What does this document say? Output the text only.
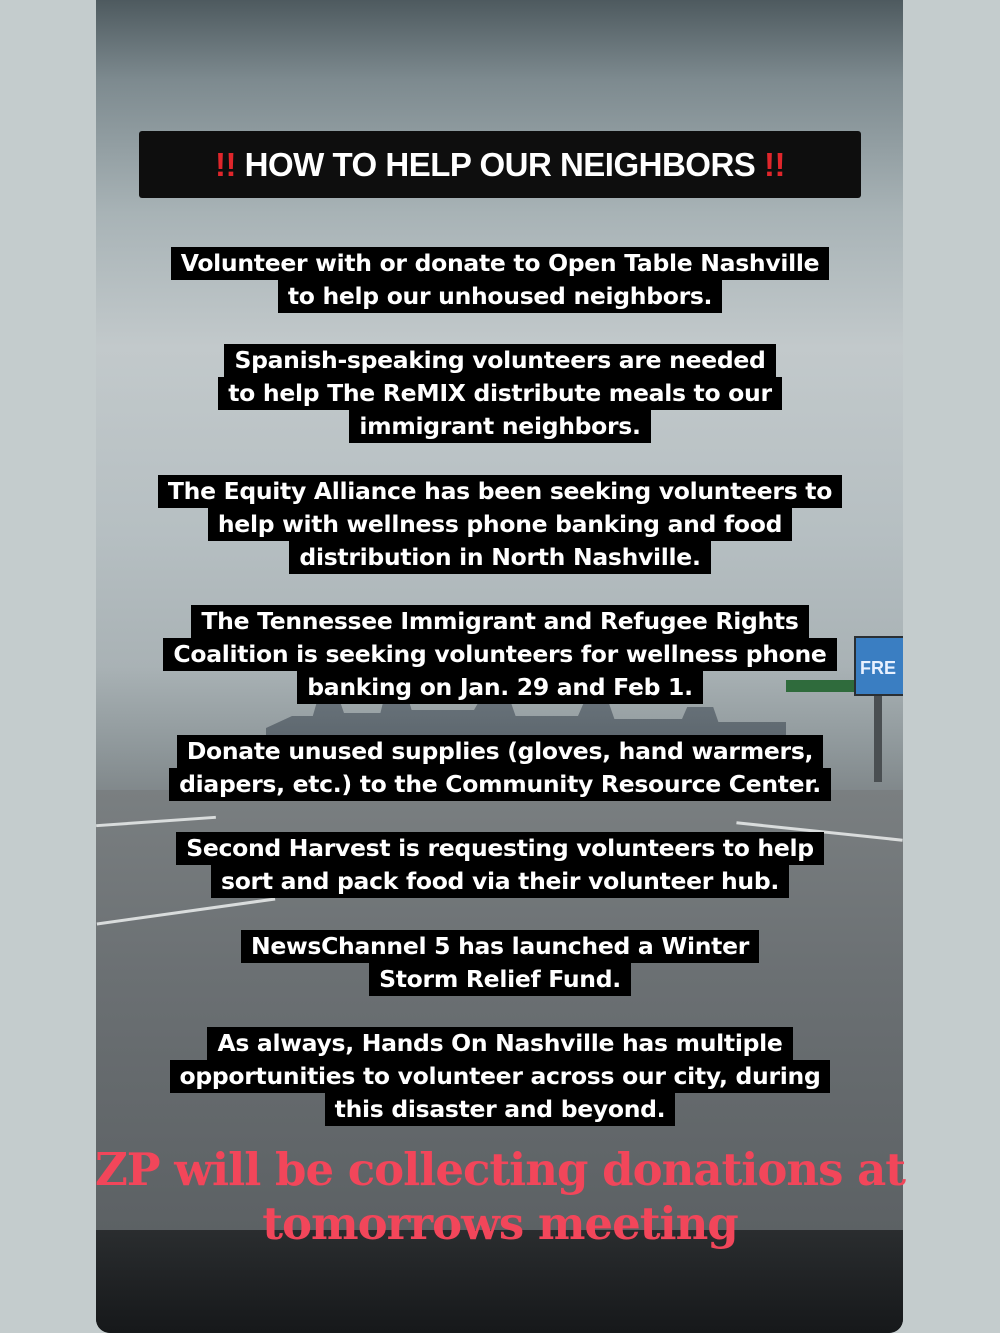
FRE
!! HOW TO HELP OUR NEIGHBORS !!
Volunteer with or donate to Open Table Nashville
to help our unhoused neighbors.
Spanish-speaking volunteers are needed
to help The ReMIX distribute meals to our
immigrant neighbors.
The Equity Alliance has been seeking volunteers to
help with wellness phone banking and food
distribution in North Nashville.
The Tennessee Immigrant and Refugee Rights
Coalition is seeking volunteers for wellness phone
banking on Jan. 29 and Feb 1.
Donate unused supplies (gloves, hand warmers,
diapers, etc.) to the Community Resource Center.
Second Harvest is requesting volunteers to help
sort and pack food via their volunteer hub.
NewsChannel 5 has launched a Winter
Storm Relief Fund.
As always, Hands On Nashville has multiple
opportunities to volunteer across our city, during
this disaster and beyond.
ZP will be collecting donations at
tomorrows meeting
